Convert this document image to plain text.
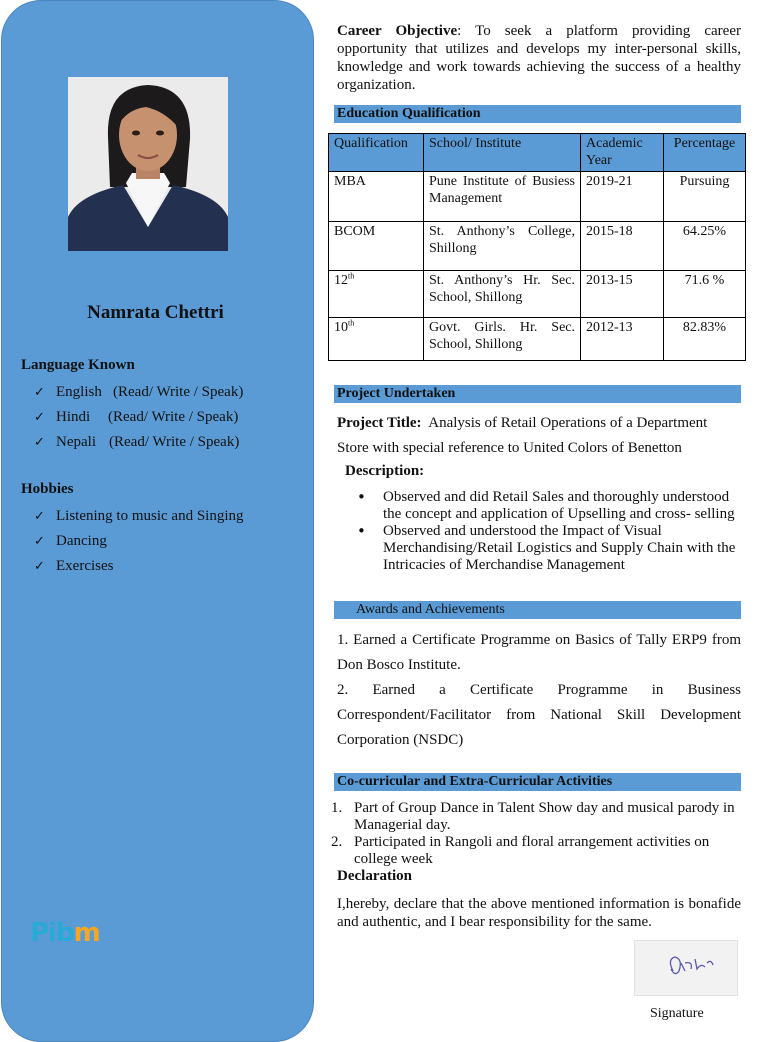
Namrata Chettri
Language Known
✓ English (Read/ Write / Speak)
✓ Hindi	(Read/ Write / Speak)
✓ Nepali (Read/ Write / Speak)
Hobbies
✓ Listening to music and Singing
✓ Dancing
✓ Exercises
Pibm
Career Objective: To seek a platform providing career opportunity that utilizes and develops my inter-personal skills, knowledge and work towards achieving the success of a healthy organization.
Education Qualification
Qualification	School/ Institute	Academic Year	Percentage
MBA	Pune Institute of Busiess Management	2019-21	Pursuing
BCOM	St. Anthony’s College, Shillong	2015-18	64.25%
12th	St. Anthony’s Hr. Sec. School, Shillong	2013-15	71.6 %
10th	Govt. Girls. Hr. Sec. School, Shillong	2012-13	82.83%
Project Undertaken
Project Title: Analysis of Retail Operations of a Department Store with special reference to United Colors of Benetton
Description:
• Observed and did Retail Sales and thoroughly understood the concept and application of Upselling and cross- selling
• Observed and understood the Impact of Visual Merchandising/Retail Logistics and Supply Chain with the Intricacies of Merchandise Management
Awards and Achievements
1. Earned a Certificate Programme on Basics of Tally ERP9 from Don Bosco Institute.
2. Earned a Certificate Programme in Business Correspondent/Facilitator from National Skill Development Corporation (NSDC)
Co-curricular and Extra-Curricular Activities
1. Part of Group Dance in Talent Show day and musical parody in Managerial day.
2. Participated in Rangoli and floral arrangement activities on college week
Declaration
I,hereby, declare that the above mentioned information is bonafide and authentic, and I bear responsibility for the same.
Signature
